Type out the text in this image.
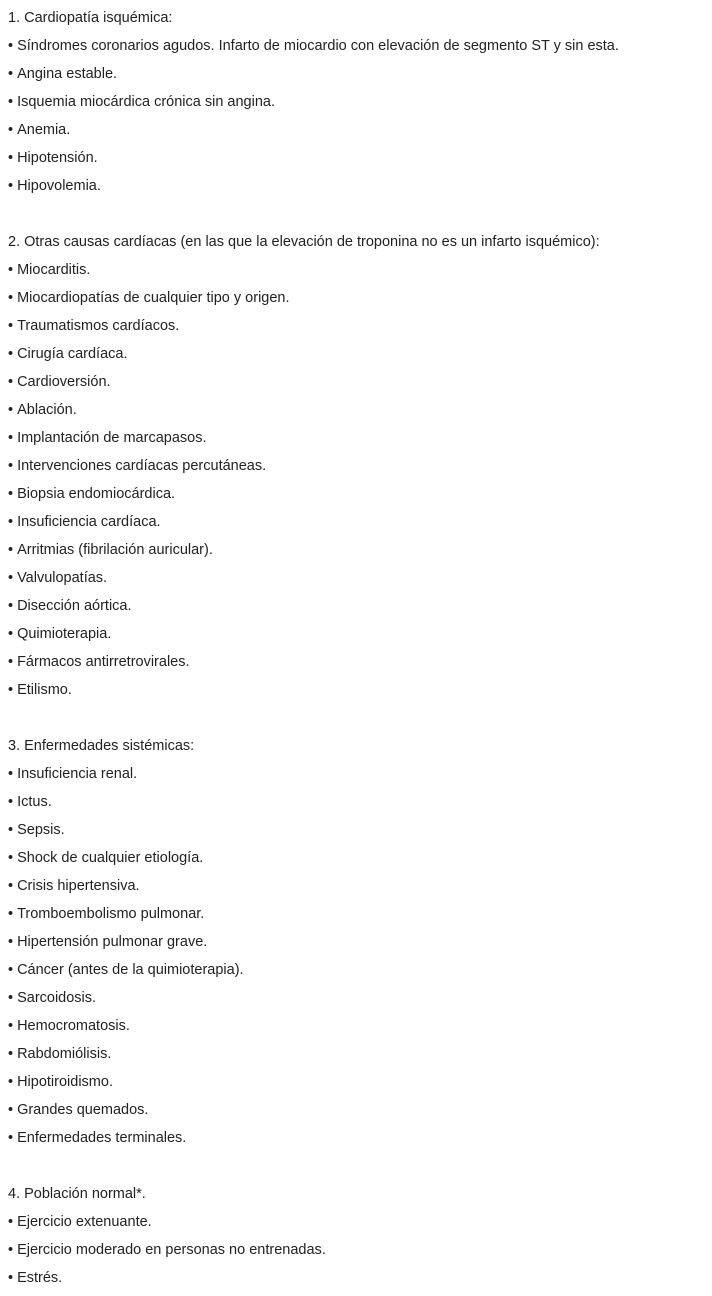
1. Cardiopatía isquémica:
• Síndromes coronarios agudos. Infarto de miocardio con elevación de segmento ST y sin esta.
• Angina estable.
• Isquemia miocárdica crónica sin angina.
• Anemia.
• Hipotensión.
• Hipovolemia.
2. Otras causas cardíacas (en las que la elevación de troponina no es un infarto isquémico):
• Miocarditis.
• Miocardiopatías de cualquier tipo y origen.
• Traumatismos cardíacos.
• Cirugía cardíaca.
• Cardioversión.
• Ablación.
• Implantación de marcapasos.
• Intervenciones cardíacas percutáneas.
• Biopsia endomiocárdica.
• Insuficiencia cardíaca.
• Arritmias (fibrilación auricular).
• Valvulopatías.
• Disección aórtica.
• Quimioterapia.
• Fármacos antirretrovirales.
• Etilismo.
3. Enfermedades sistémicas:
• Insuficiencia renal.
• Ictus.
• Sepsis.
• Shock de cualquier etiología.
• Crisis hipertensiva.
• Tromboembolismo pulmonar.
• Hipertensión pulmonar grave.
• Cáncer (antes de la quimioterapia).
• Sarcoidosis.
• Hemocromatosis.
• Rabdomiólisis.
• Hipotiroidismo.
• Grandes quemados.
• Enfermedades terminales.
4. Población normal*.
• Ejercicio extenuante.
• Ejercicio moderado en personas no entrenadas.
• Estrés.
